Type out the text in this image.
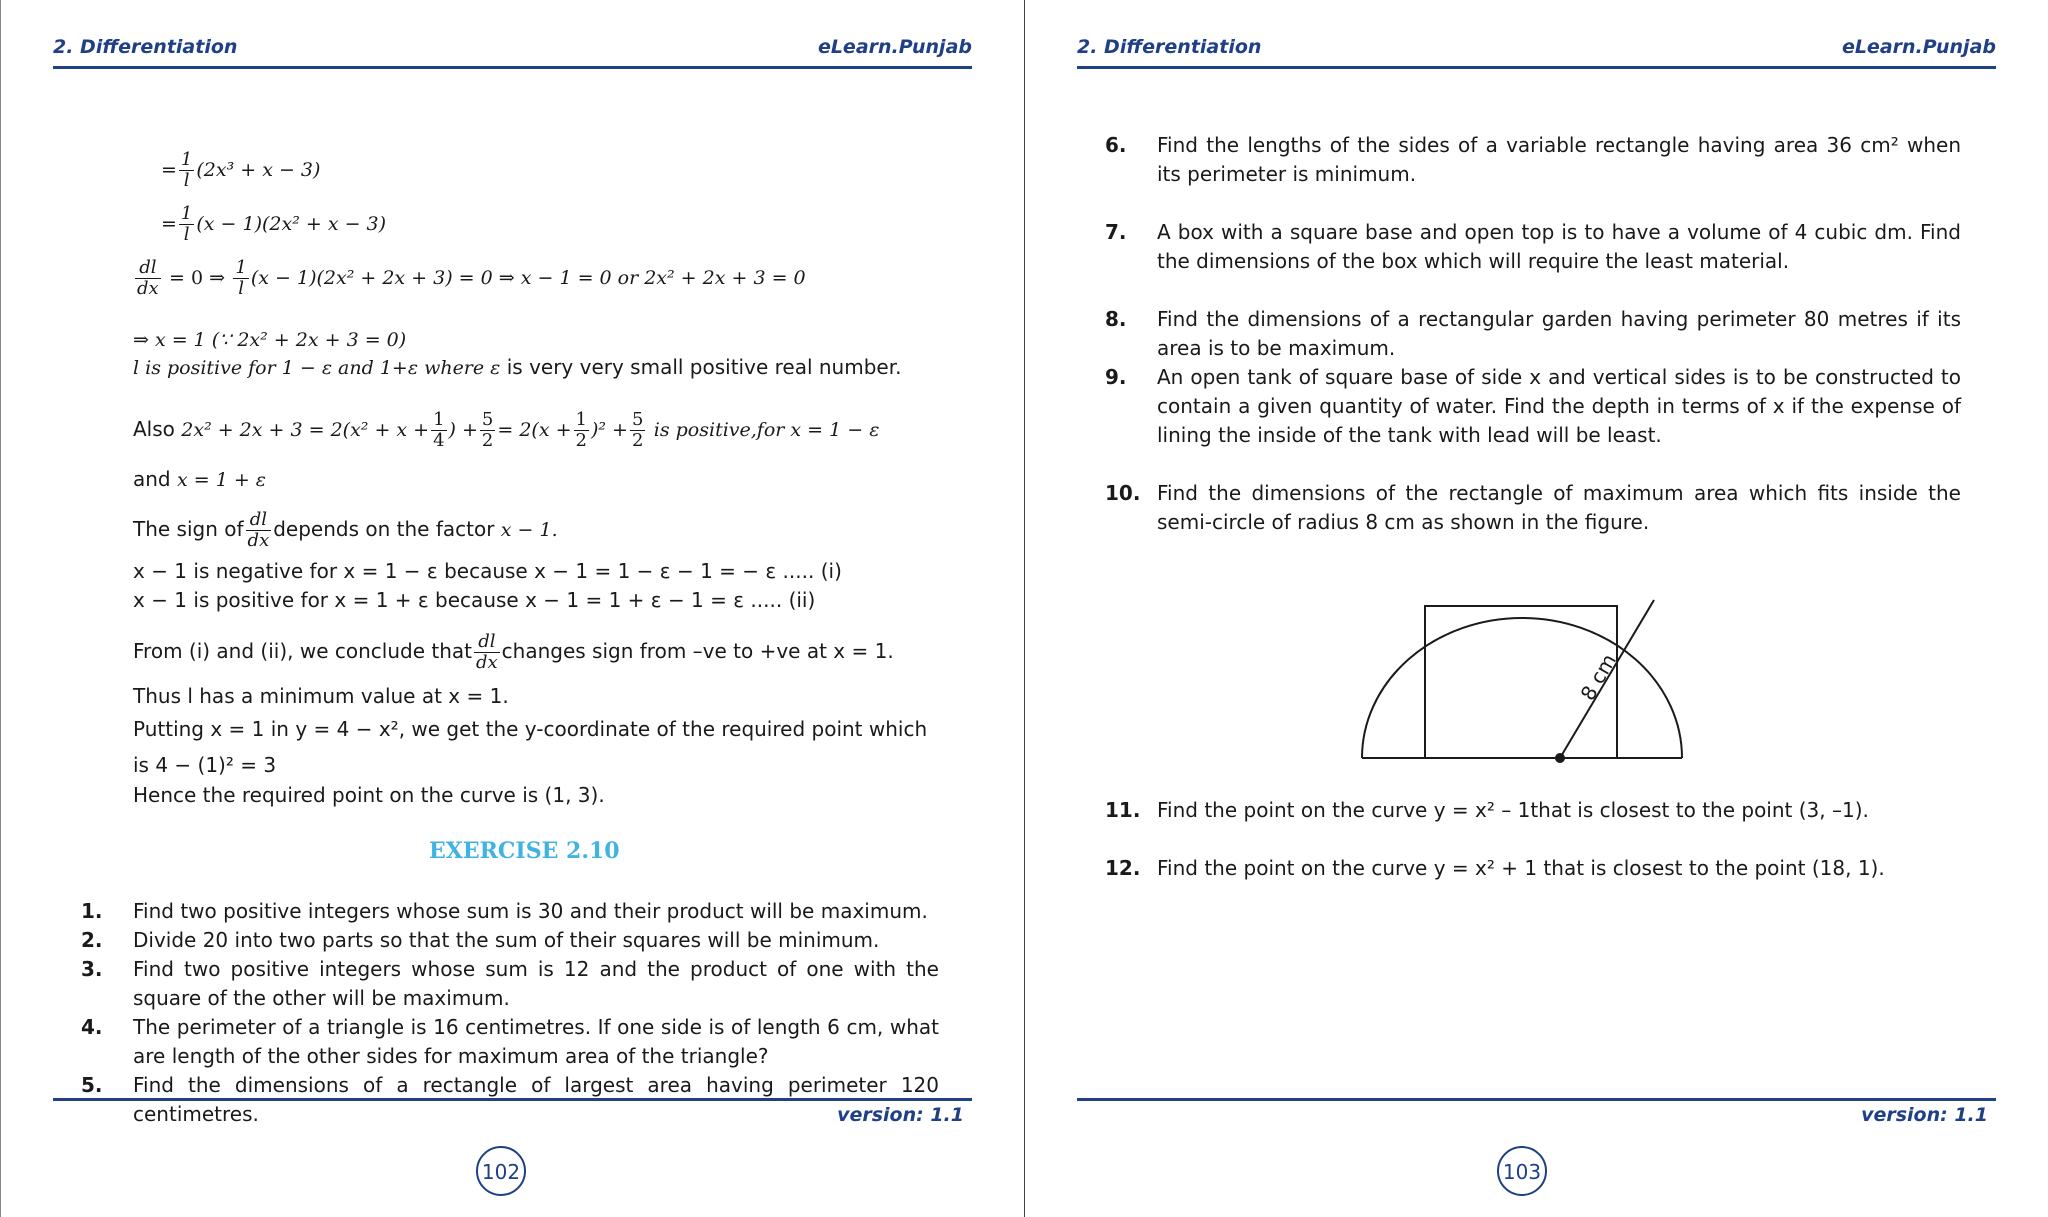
2. Differentiation	eLearn.Punjab
= $\frac{1}{l} (2x^3 + x - 3)$
= $\frac{1}{l} (x - 1)(2x^2 + x - 3)$
$\frac{dl}{dx} = 0$ ⇒ $\frac{1}{l} (x - 1)(2x^2 + 2x + 3) = 0$ ⇒ x − 1 = 0 or 2x² + 2x + 3 = 0
⇒ x = 1 (∵ 2x² + 2x + 3 = 0)
l is positive for 1 − ε and 1+ε where ε is very very small positive real number.
Also $2x^2 + 2x + 3 = 2(x^2 + x + \frac{1}{4}$ ) + $\frac{5}{2} = 2(x + \frac{1}{2} )^2 + \frac{5}{2}$ is positive,for x = 1 − ε
and x = 1 + ε
The sign of $\frac{dl}{dx}$ depends on the factor x − 1.
x − 1 is negative for x = 1 − ε because x − 1 = 1 − ε − 1 = − ε ..... (i)
x − 1 is positive for x = 1 + ε because x − 1 = 1 + ε − 1 = ε ..... (ii)
From (i) and (ii), we conclude that $\frac{dl}{dx}$ changes sign from –ve to +ve at x = 1.
Thus l has a minimum value at x = 1.
Putting x = 1 in y = 4 − x², we get the y-coordinate of the required point which
is 4 − (1)² = 3
Hence the required point on the curve is (1, 3).
EXERCISE 2.10
1. Find two positive integers whose sum is 30 and their product will be maximum.
2. Divide 20 into two parts so that the sum of their squares will be minimum.
3. Find two positive integers whose sum is 12 and the product of one with the square of the other will be maximum.
4. The perimeter of a triangle is 16 centimetres. If one side is of length 6 cm, what are length of the other sides for maximum area of the triangle?
5. Find the dimensions of a rectangle of largest area having perimeter 120 centimetres.	version: 1.1
102
2. Differentiation	eLearn.Punjab
6. Find the lengths of the sides of a variable rectangle having area 36 cm² when its perimeter is minimum.
7. A box with a square base and open top is to have a volume of 4 cubic dm. Find the dimensions of the box which will require the least material.
8. Find the dimensions of a rectangular garden having perimeter 80 metres if its area is to be maximum.
9. An open tank of square base of side x and vertical sides is to be constructed to contain a given quantity of water. Find the depth in terms of x if the expense of lining the inside of the tank with lead will be least.
10. Find the dimensions of the rectangle of maximum area which fits inside the semi-circle of radius 8 cm as shown in the figure.
8 cm
11. Find the point on the curve y = x² – 1that is closest to the point (3, –1).
12. Find the point on the curve y = x² + 1 that is closest to the point (18, 1).
version: 1.1
103
